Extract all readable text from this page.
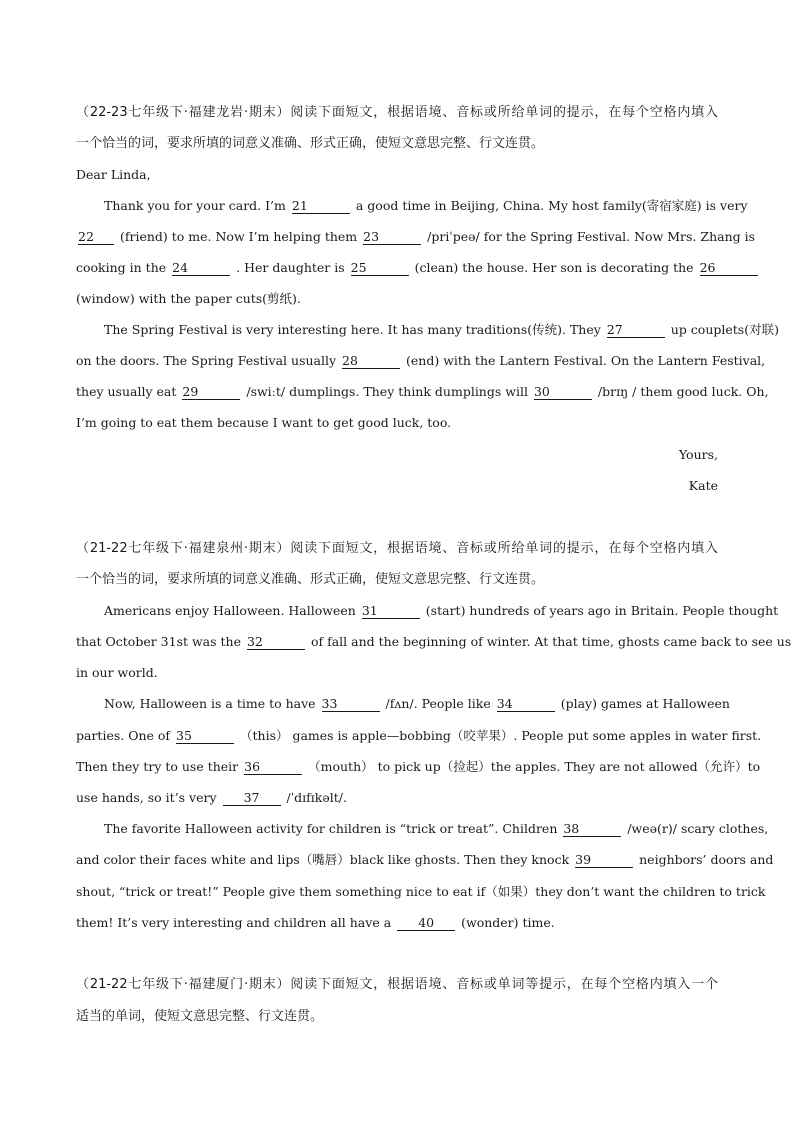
（22-23七年级下·福建龙岩·期末）阅读下面短文，根据语境、音标或所给单词的提示，在每个空格内填入
一个恰当的词，要求所填的词意义准确、形式正确，使短文意思完整、行文连贯。
Dear Linda,
Thank you for your card. I’m 21	a good time in Beijing, China. My host family(寄宿家庭) is very
22 (friend) to me. Now I’m helping them 23	/priˈpeə/ for the Spring Festival. Now Mrs. Zhang is
cooking in the 24	. Her daughter is 25	(clean) the house. Her son is decorating the 26
(window) with the paper cuts(剪纸).
The Spring Festival is very interesting here. It has many traditions(传统). They 27	up couplets(对联)
on the doors. The Spring Festival usually 28	(end) with the Lantern Festival. On the Lantern Festival,
they usually eat 29	/swiːt/ dumplings. They think dumplings will 30	/brɪŋ / them good luck. Oh,
I’m going to eat them because I want to get good luck, too.
Yours,
Kate
（21-22七年级下·福建泉州·期末）阅读下面短文，根据语境、音标或所给单词的提示，在每个空格内填入
一个恰当的词，要求所填的词意义准确、形式正确，使短文意思完整、行文连贯。
Americans enjoy Halloween. Halloween 31	(start) hundreds of years ago in Britain. People thought
that October 31st was the 32	of fall and the beginning of winter. At that time, ghosts came back to see us
in our world.
Now, Halloween is a time to have 33	/fʌn/. People like 34	(play) games at Halloween
parties. One of 35	（this） games is apple—bobbing（咬苹果）. People put some apples in water first.
Then they try to use their 36	（mouth） to pick up（捡起）the apples. They are not allowed（允许）to
use hands, so it’s very 37 /ˈdɪfɪkəlt/.
The favorite Halloween activity for children is “trick or treat”. Children 38	/weə(r)/ scary clothes,
and color their faces white and lips（嘴唇）black like ghosts. Then they knock 39	neighbors’ doors and
shout, “trick or treat!” People give them something nice to eat if（如果）they don’t want the children to trick
them! It’s very interesting and children all have a 40 (wonder) time.
（21-22七年级下·福建厦门·期末）阅读下面短文，根据语境、音标或单词等提示，在每个空格内填入一个
适当的单词，使短文意思完整、行文连贯。
